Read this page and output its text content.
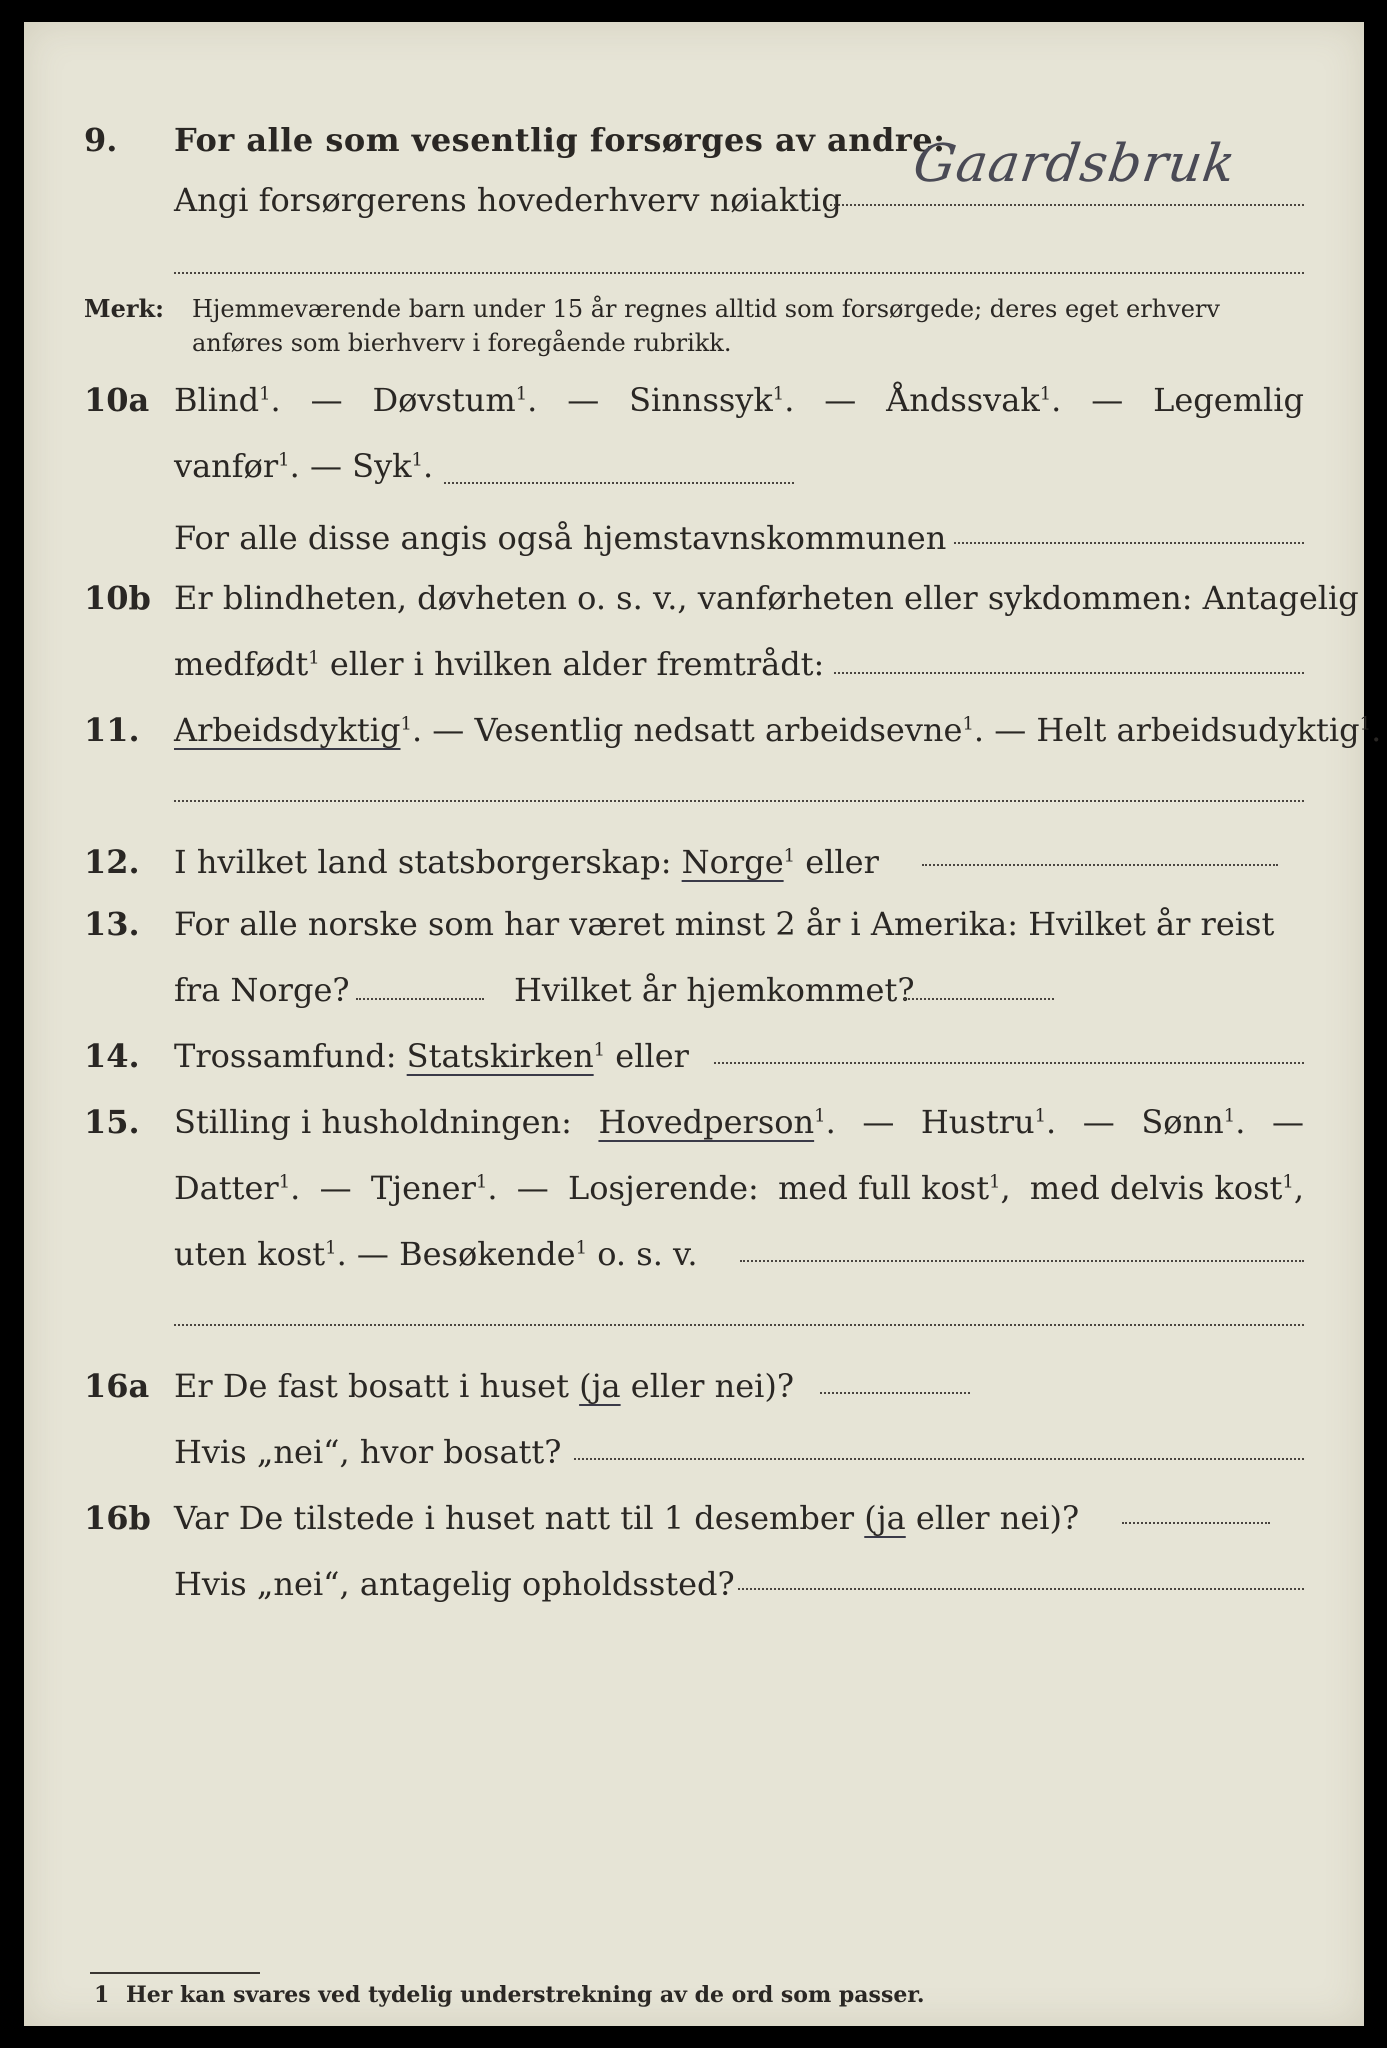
9. For alle som vesentlig forsørges av andre:
Angi forsørgerens hovederhverv nøiaktig
Gaardsbruk
Merk: Hjemmeværende barn under 15 år regnes alltid som forsørgede; deres eget erhverv
anføres som bierhverv i foregående rubrikk.
10a Blind$^1$. — Døvstum$^1$. — Sinnssyk$^1$. — Åndssvak$^1$. — Legemlig
vanfør$^1$. — Syk$^1$.
For alle disse angis også hjemstavnskommunen
10b Er blindheten, døvheten o. s. v., vanførheten eller sykdommen: Antagelig
medfødt$^1$ eller i hvilken alder fremtrådt:
11. Arbeidsdyktig$^1$. — Vesentlig nedsatt arbeidsevne$^1$. — Helt arbeidsudyktig$^1$.
12. I hvilket land statsborgerskap: Norge$^1$ eller
13. For alle norske som har været minst 2 år i Amerika: Hvilket år reist
fra Norge?	Hvilket år hjemkommet?
14. Trossamfund: Statskirken$^1$ eller
15. Stilling i husholdningen: Hovedperson$^1$. — Hustru$^1$. — Sønn$^1$. —
Datter$^1$. — Tjener$^1$. — Losjerende: med full kost$^1$, med delvis kost$^1$,
uten kost$^1$. — Besøkende$^1$ o. s. v.
16a Er De fast bosatt i huset (ja eller nei)?
Hvis „nei“, hvor bosatt?
16b Var De tilstede i huset natt til 1 desember (ja eller nei)?
Hvis „nei“, antagelig opholdssted?
1 Her kan svares ved tydelig understrekning av de ord som passer.
